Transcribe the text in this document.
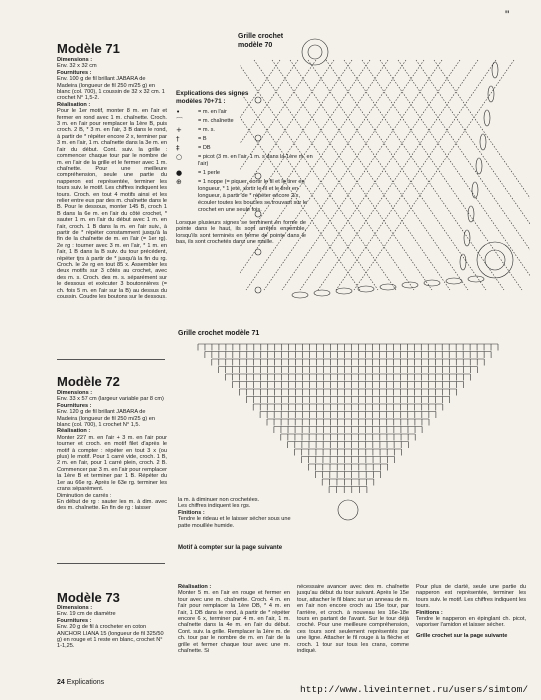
"
Modèle 71
Dimensions :
Env. 32 x 32 cm
Fournitures :
Env. 100 g de fil brillant JABARA de Madeira (longueur de fil 250 m/25 g) en blanc (col. 700), 1 coussin de 32 x 32 cm. 1 crochet N° 1,5-2.
Réalisation :
Pour le 1er motif, monter 8 m. en l'air et fermer en rond avec 1 m. chaînette. Croch. 3 m. en l'air pour remplacer la 1ère B, puis croch. 2 B, * 3 m. en l'air, 3 B dans le rond, à partir de * répéter encore 2 x, terminer par 3 m. en l'air, 1 m. chaînette dans la 3e m. en l'air du début. Cont. suiv. la grille : commencer chaque tour par le nombre de m. en l'air de la grille et le fermer avec 1 m. chaînette. Pour une meilleure compréhension, seule une partie du napperon est représentée, terminer les tours suiv. le motif. Les chiffres indiquent les tours. Croch. en tout 4 motifs ainsi et les relier entre eux par des m. chaînette dans le B. Pour le dessous, monter 145 B, croch 1 B dans la 6e m. en l'air du côté crochet, * sauter 1 m. en l'air du début avec 1 m. en l'air, croch. 1 B dans la m. en l'air suiv., à partir de * répéter constamment jusqu'à la fin de la chaînette de m. en l'air (= 1er rg). 2e rg : tourner avec 3 m. en l'air, * 1 m. en l'air, 1 B dans la B suiv. du tour précédent, répéter tjrs à partir de * jusqu'à la fin du rg. Croch. le 2e rg en tout 85 x. Assembler les deux motifs sur 3 côtés au crochet, avec des m. s. Croch. des m. s. séparément sur le dessous et exécuter 3 boutonnières (= ch. fois 5 m. en l'air sur la B) au dessus du coussin. Coudre les boutons sur le dessous.
Modèle 72
Dimensions :
Env. 33 x 57 cm (largeur variable par 8 cm)
Fournitures :
Env. 120 g de fil brillant JABARA de Madeira (longueur de fil 250 m/25 g) en blanc (col. 700), 1 crochet N° 1,5.
Réalisation :
Monter 227 m. en l'air + 3 m. en l'air pour tourner et croch. en motif filet d'après le motif à compter : répéter en tout 3 x (ou plus) le motif. Pour 1 carré vide, croch. 1 B, 2 m. en l'air, pour 1 carré plein, croch. 2 B. Commencer par 3 m. en l'air pour remplacer la 1ère B et terminer par 1 B. Répéter du 1er au 66e rg. Après le 63e rg. terminer les crans séparément.
Diminution de carrés :
En début de rg : sauter les m. à dim. avec des m. chaînette. En fin de rg : laisser
Modèle 73
Dimensions :
Env. 19 cm de diamètre
Fournitures :
Env. 20 g de fil à crocheter en coton ANCHOR LIANA 15 (longueur de fil 325/50 g) en rouge et 1 reste en blanc, crochet N° 1-1,25.
Grille crochet
modèle 70
Explications des signes
modèles 70+71 :
•	= m. en l'air
⌒	= m. chaînette
+	= m. s.
†	= B
‡	= DB
○	= picot (3 m. en l'air, 1 m. s dans la 1ère m. en l'air)
●	= 1 perle
⊕	= 1 noppe (= piquer, sortir le fil et le tirer en longueur, * 1 jeté, sortir le fil et le tirer en longueur, à partir de * répéter encore 2 x, écouler toutes les boucles se trouvant sur le crochet en une seule fois.
Lorsque plusieurs signes se terminent en forme de pointe dans le haut, ils sont arrêtés ensemble, lorsqu'ils sont terminés en forme de pointe dans le bas, ils sont crochetés dans une maille.
Grille crochet modèle 71
la m. à diminuer non crochetées.
Les chiffres indiquent les rgs.
Finitions :
Tendre le rideau et le laisser sécher sous une patte mouillée humide.
Motif à compter sur la page suivante
Réalisation :
Monter 5 m. en l'air en rouge et fermer en tour avec une m. chaînette. Croch. 4 m. en l'air pour remplacer la 1ère DB, * 4 m. en l'air, 1 DB dans le rond, à partir de * répéter encore 6 x, terminer par 4 m. en l'air, 1 m. chaînette dans la 4e m. en l'air du début. Cont. suiv. la grille. Remplacer la 1ère m. de ch. tour par le nombre de m. en l'air de la grille et fermer chaque tour avec une m. chaînette. Si
nécessaire avancer avec des m. chaînette jusqu'au début du tour suivant. Après le 15e tour, attacher le fil blanc sur un anneau de m. en l'air non encore croch au 15e tour, par l'arrière, et croch. à nouveau les 16e-18e tours en partant de l'avant. Sur le tour déjà croché. Pour une meilleure compréhension, ces tours sont seulement représentés par une ligne. Attacher le fil rouge à la flèche et croch. 1 tour sur tous les crans, comme indiqué.
Pour plus de clarté, seule une partie du napperon est représentée, terminer les tours suiv. le motif. Les chiffres indiquent les tours.
Finitions :
Tendre le napperon en épinglant ch. picot, vaporiser l'amidon et laisser sécher.
Grille crochet sur la page suivante
24 Explications
http://www.liveinternet.ru/users/simtom/
